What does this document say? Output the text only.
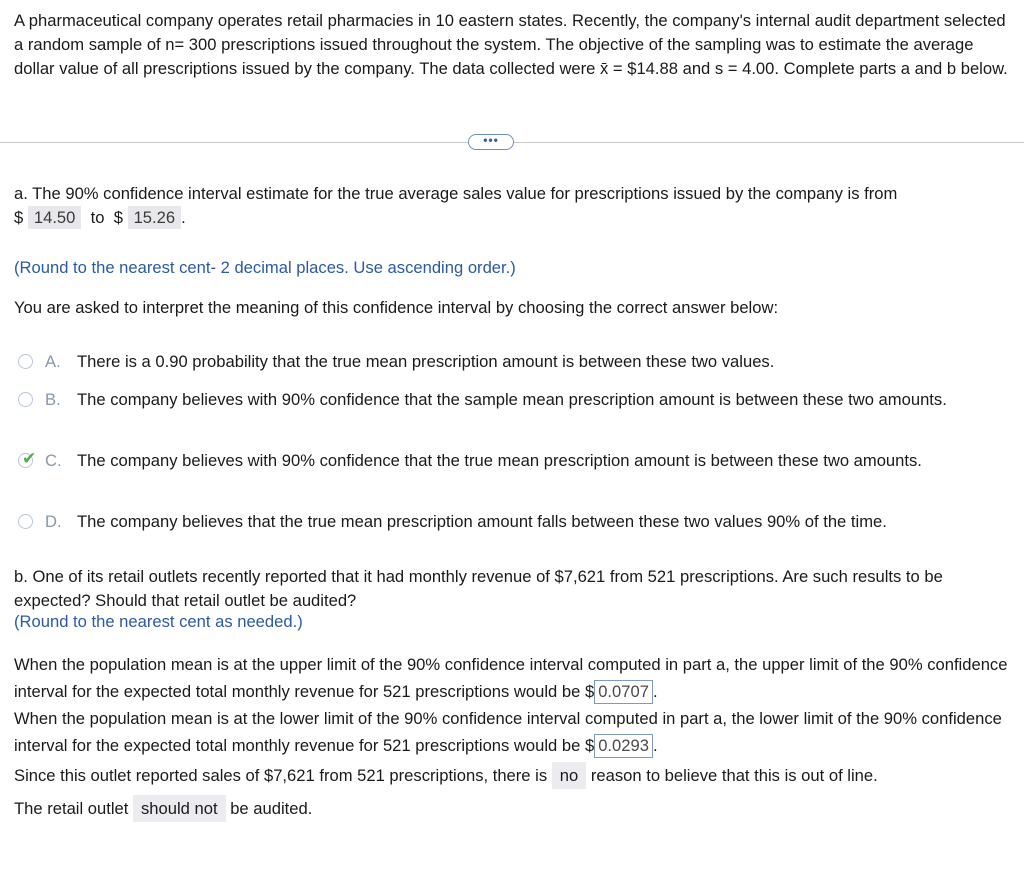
A pharmaceutical company operates retail pharmacies in 10 eastern states. Recently, the company's internal audit department selected a random sample of n= 300 prescriptions issued throughout the system. The objective of the sampling was to estimate the average dollar value of all prescriptions issued by the company. The data collected were x̄ = $14.88 and s = 4.00. Complete parts a and b below.
•••
a. The 90% confidence interval estimate for the true average sales value for prescriptions issued by the company is from
$ 14.50 to $ 15.26 .
(Round to the nearest cent- 2 decimal places. Use ascending order.)
You are asked to interpret the meaning of this confidence interval by choosing the correct answer below:
A. There is a 0.90 probability that the true mean prescription amount is between these two values.
B. The company believes with 90% confidence that the sample mean prescription amount is between these two amounts.
✔ C. The company believes with 90% confidence that the true mean prescription amount is between these two amounts.
D. The company believes that the true mean prescription amount falls between these two values 90% of the time.
b. One of its retail outlets recently reported that it had monthly revenue of $7,621 from 521 prescriptions. Are such results to be expected? Should that retail outlet be audited?
(Round to the nearest cent as needed.)
When the population mean is at the upper limit of the 90% confidence interval computed in part a, the upper limit of the 90% confidence interval for the expected total monthly revenue for 521 prescriptions would be $ 0.0707 .
When the population mean is at the lower limit of the 90% confidence interval computed in part a, the lower limit of the 90% confidence interval for the expected total monthly revenue for 521 prescriptions would be $ 0.0293 .
Since this outlet reported sales of $7,621 from 521 prescriptions, there is no reason to believe that this is out of line.
The retail outlet should not be audited.
